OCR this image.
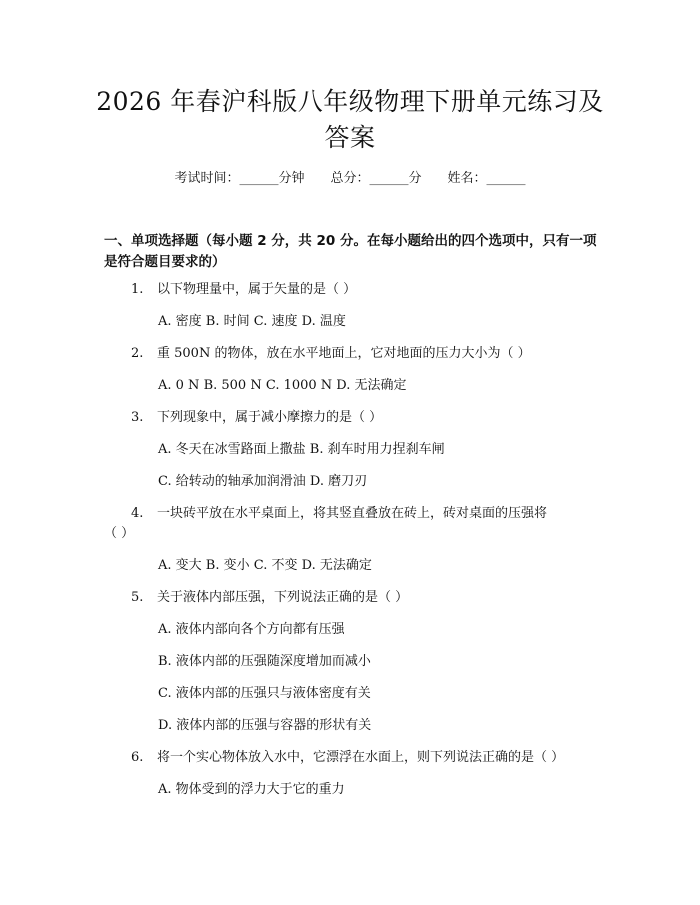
2026 年春沪科版八年级物理下册单元练习及
答案
考试时间：______分钟 总分：______分 姓名：______

一、单项选择题（每小题 2 分，共 20 分。在每小题给出的四个选项中，只有一项是符合题目要求的）

1. 以下物理量中，属于矢量的是（ ）
A. 密度 B. 时间 C. 速度 D. 温度
2. 重 500N 的物体，放在水平地面上，它对地面的压力大小为（ ）
A. 0 N B. 500 N C. 1000 N D. 无法确定
3. 下列现象中，属于减小摩擦力的是（ ）
A. 冬天在冰雪路面上撒盐 B. 刹车时用力捏刹车闸
C. 给转动的轴承加润滑油 D. 磨刀刃
4. 一块砖平放在水平桌面上，将其竖直叠放在砖上，砖对桌面的压强将
（ ）
A. 变大 B. 变小 C. 不变 D. 无法确定
5. 关于液体内部压强，下列说法正确的是（ ）
A. 液体内部向各个方向都有压强
B. 液体内部的压强随深度增加而减小
C. 液体内部的压强只与液体密度有关
D. 液体内部的压强与容器的形状有关
6. 将一个实心物体放入水中，它漂浮在水面上，则下列说法正确的是（ ）
A. 物体受到的浮力大于它的重力
